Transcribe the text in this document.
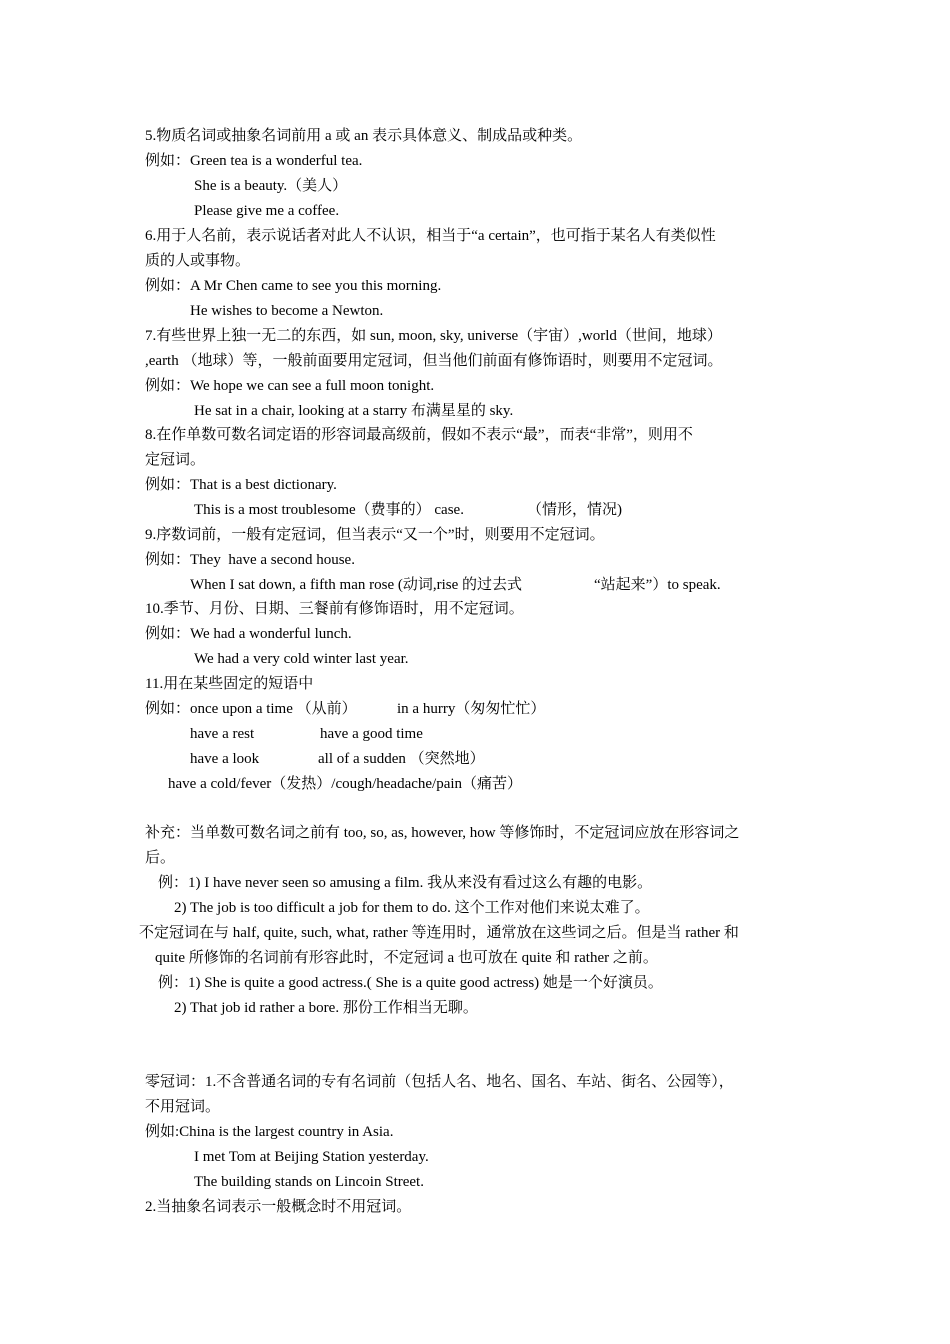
5.物质名词或抽象名词前用 a 或 an 表示具体意义、制成品或种类。
例如：Green tea is a wonderful tea.
She is a beauty.（美人）
Please give me a coffee.
6.用于人名前，表示说话者对此人不认识，相当于“a certain”，也可指于某名人有类似性
质的人或事物。
例如：A Mr Chen came to see you this morning.
He wishes to become a Newton.
7.有些世界上独一无二的东西，如 sun, moon, sky, universe（宇宙）,world（世间，地球）
,earth （地球）等，一般前面要用定冠词，但当他们前面有修饰语时，则要用不定冠词。
例如：We hope we can see a full moon tonight.
He sat in a chair, looking at a starry 布满星星的 sky.
8.在作单数可数名词定语的形容词最高级前，假如不表示“最”，而表“非常”，则用不
定冠词。
例如：That is a best dictionary.
This is a most troublesome（费事的） case.	（情形，情况)
9.序数词前，一般有定冠词，但当表示“又一个”时，则要用不定冠词。
例如：They  have a second house.
When I sat down, a fifth man rose (动词,rise 的过去式	“站起来”）to speak.
10.季节、月份、日期、三餐前有修饰语时，用不定冠词。
例如：We had a wonderful lunch.
We had a very cold winter last year.
11.用在某些固定的短语中
例如：once upon a time （从前）	in a hurry（匆匆忙忙）
have a rest	have a good time
have a look	all of a sudden （突然地）
have a cold/fever（发热）/cough/headache/pain（痛苦）
补充：当单数可数名词之前有 too, so, as, however, how 等修饰时，不定冠词应放在形容词之
后。
例：1) I have never seen so amusing a film. 我从来没有看过这么有趣的电影。
2) The job is too difficult a job for them to do. 这个工作对他们来说太难了。
不定冠词在与 half, quite, such, what, rather 等连用时，通常放在这些词之后。但是当 rather 和
quite 所修饰的名词前有形容此时，不定冠词 a 也可放在 quite 和 rather 之前。
例：1) She is quite a good actress.( She is a quite good actress) 她是一个好演员。
2) That job id rather a bore. 那份工作相当无聊。
零冠词：1.不含普通名词的专有名词前（包括人名、地名、国名、车站、街名、公园等），
不用冠词。
例如:China is the largest country in Asia.
I met Tom at Beijing Station yesterday.
The building stands on Lincoin Street.
2.当抽象名词表示一般概念时不用冠词。
